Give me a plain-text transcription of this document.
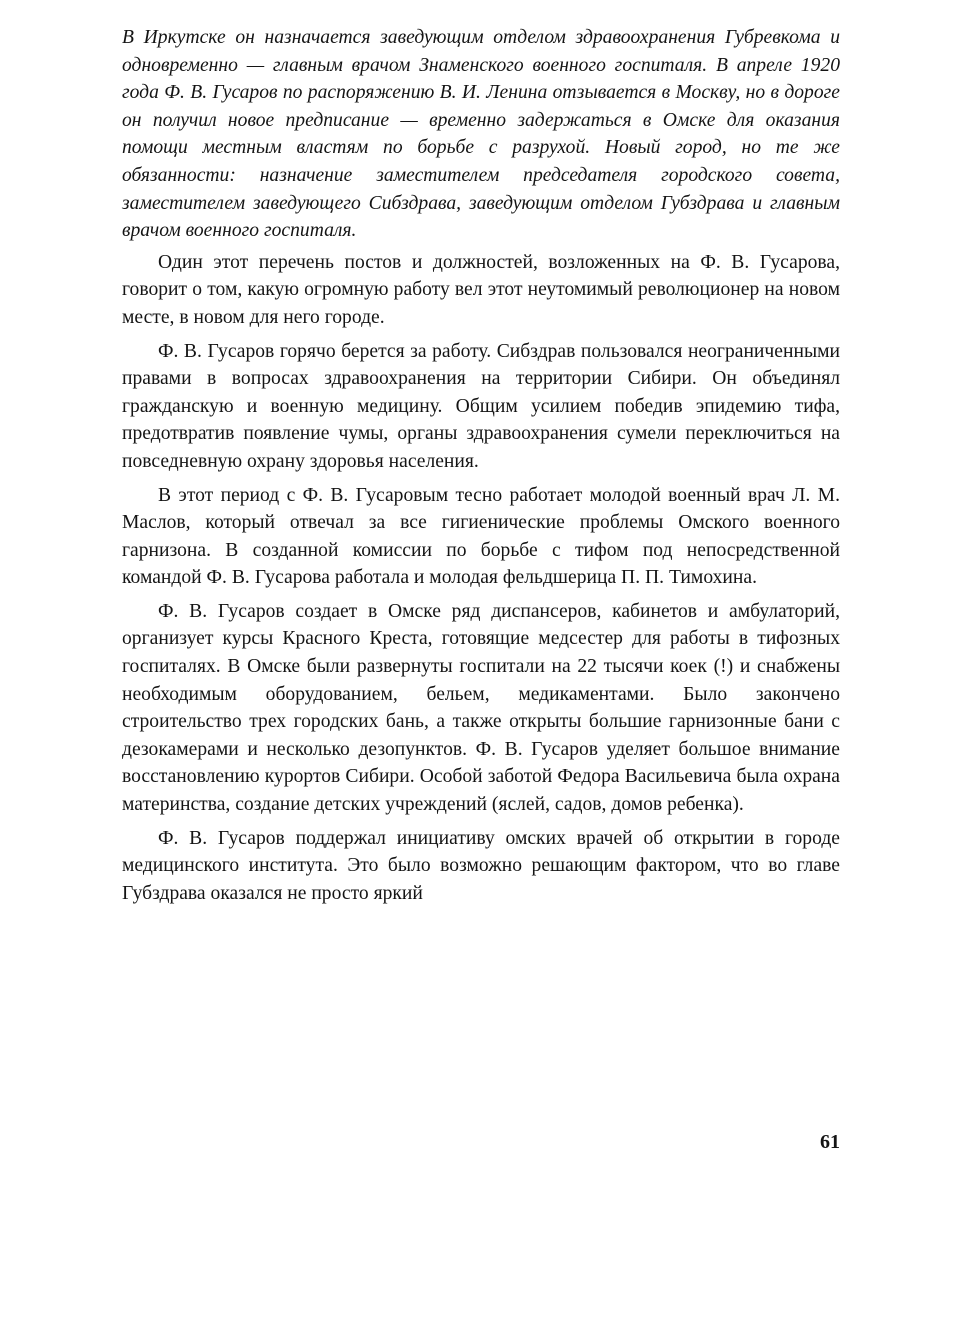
В Иркутске он назначается заведующим отделом здравоохранения Губревкома и одновременно — главным врачом Знаменского военного госпиталя. В апреле 1920 года Ф. В. Гусаров по распоряжению В. И. Ленина отзывается в Москву, но в дороге он получил новое предписание — временно задержаться в Омске для оказания помощи местным властям по борьбе с разрухой. Новый город, но те же обязанности: назначение заместителем председателя городского совета, заместителем заведующего Сибздрава, заведующим отделом Губздрава и главным врачом военного госпиталя.

Один этот перечень постов и должностей, возложенных на Ф. В. Гусарова, говорит о том, какую огромную работу вел этот неутомимый революционер на новом месте, в новом для него городе.

Ф. В. Гусаров горячо берется за работу. Сибздрав пользовался неограниченными правами в вопросах здравоохранения на территории Сибири. Он объединял гражданскую и военную медицину. Общим усилием победив эпидемию тифа, предотвратив появление чумы, органы здравоохранения сумели переключиться на повседневную охрану здоровья населения.

В этот период с Ф. В. Гусаровым тесно работает молодой военный врач Л. М. Маслов, который отвечал за все гигиенические проблемы Омского военного гарнизона. В созданной комиссии по борьбе с тифом под непосредственной командой Ф. В. Гусарова работала и молодая фельдшерица П. П. Тимохина.

Ф. В. Гусаров создает в Омске ряд диспансеров, кабинетов и амбулаторий, организует курсы Красного Креста, готовящие медсестер для работы в тифозных госпиталях. В Омске были развернуты госпитали на 22 тысячи коек (!) и снабжены необходимым оборудованием, бельем, медикаментами. Было закончено строительство трех городских бань, а также открыты большие гарнизонные бани с дезокамерами и несколько дезопунктов. Ф. В. Гусаров уделяет большое внимание восстановлению курортов Сибири. Особой заботой Федора Васильевича была охрана материнства, создание детских учреждений (яслей, садов, домов ребенка).

Ф. В. Гусаров поддержал инициативу омских врачей об открытии в городе медицинского института. Это было возможно решающим фактором, что во главе Губздрава оказался не просто яркий

61
